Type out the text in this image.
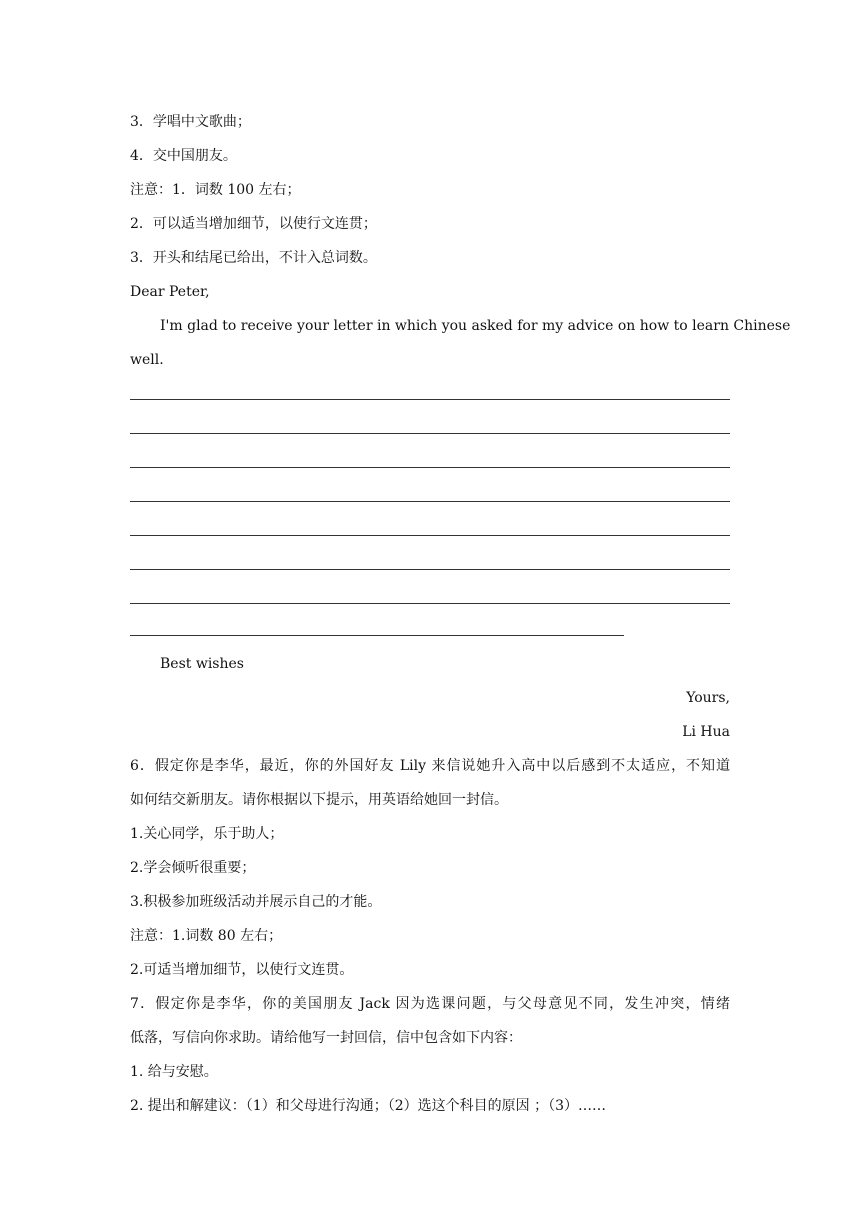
3．学唱中文歌曲；
4．交中国朋友。
注意：1．词数 100 左右；
2．可以适当增加细节，以使行文连贯；
3．开头和结尾已给出，不计入总词数。
Dear Peter,
I'm glad to receive your letter in which you asked for my advice on how to learn Chinese
well.
Best wishes
Yours,
Li Hua
6．假定你是李华，最近，你的外国好友 Lily 来信说她升入高中以后感到不太适应，不知道
如何结交新朋友。请你根据以下提示，用英语给她回一封信。
1.关心同学，乐于助人；
2.学会倾听很重要；
3.积极参加班级活动并展示自己的才能。
注意：1.词数 80 左右；
2.可适当增加细节，以使行文连贯。
7．假定你是李华，你的美国朋友 Jack 因为选课问题，与父母意见不同，发生冲突，情绪
低落，写信向你求助。请给他写一封回信，信中包含如下内容：
1. 给与安慰。
2. 提出和解建议：（1）和父母进行沟通；（2）选这个科目的原因 ；（3）……
